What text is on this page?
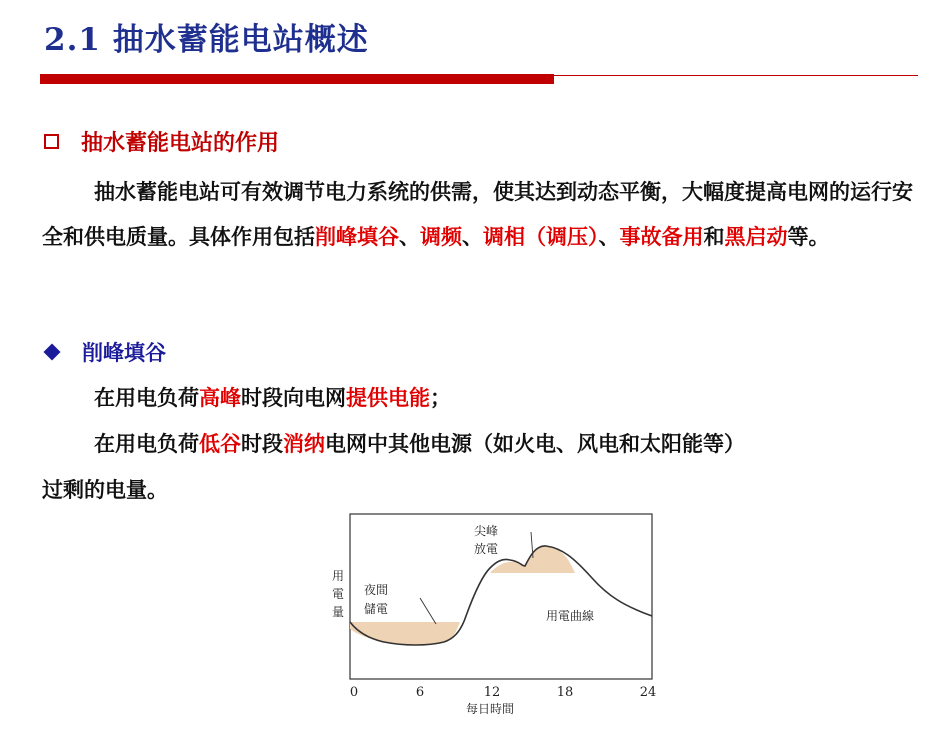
2.1 抽水蓄能电站概述
抽水蓄能电站的作用
抽水蓄能电站可有效调节电力系统的供需，使其达到动态平衡，大幅度提高电网的运行安全和供电质量。具体作用包括削峰填谷、调频、调相（调压）、事故备用和黑启动等。
削峰填谷
在用电负荷高峰时段向电网提供电能；
在用电负荷低谷时段消纳电网中其他电源（如火电、风电和太阳能等）
过剩的电量。
用
電
量
尖峰
放電
夜間
儲電	用電曲線
0	6	12	18	24
每日時間
